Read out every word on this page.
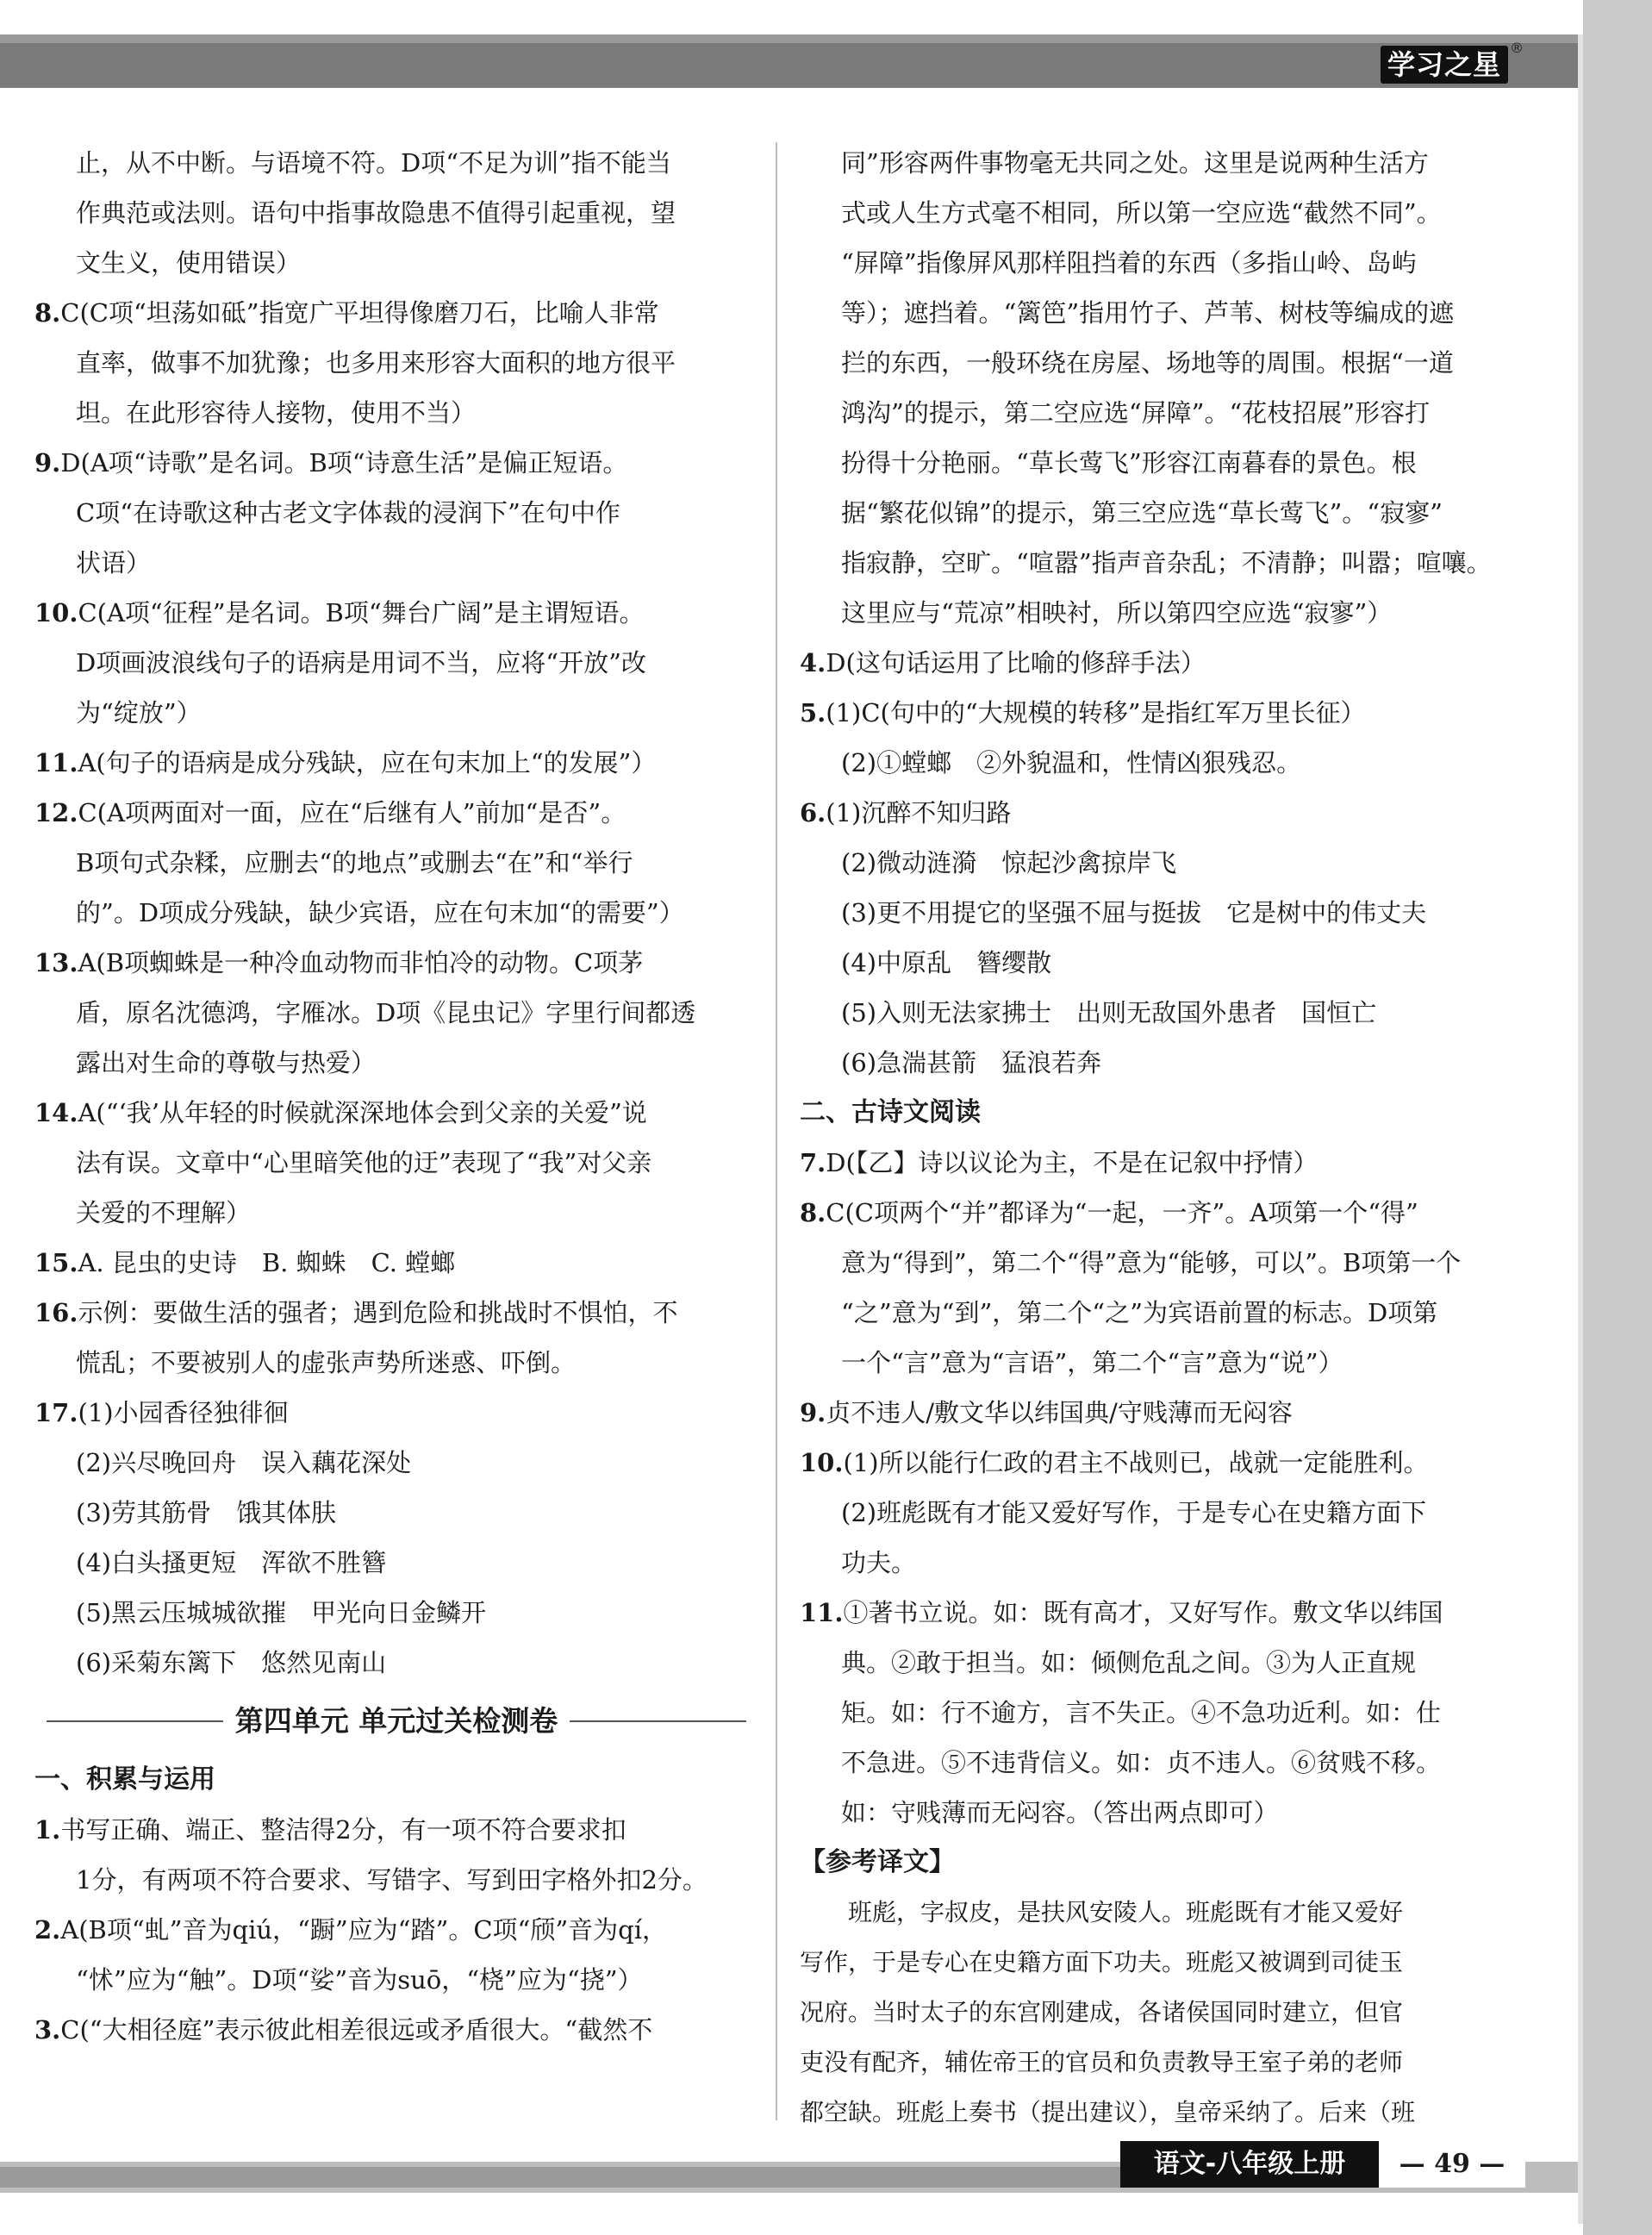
学习之星
®
止，从不中断。与语境不符。D项“不足为训”指不能当
作典范或法则。语句中指事故隐患不值得引起重视，望
文生义，使用错误）
8.C(C项“坦荡如砥”指宽广平坦得像磨刀石，比喻人非常
直率，做事不加犹豫；也多用来形容大面积的地方很平
坦。在此形容待人接物，使用不当）
9.D(A项“诗歌”是名词。B项“诗意生活”是偏正短语。
C项“在诗歌这种古老文字体裁的浸润下”在句中作
状语）
10.C(A项“征程”是名词。B项“舞台广阔”是主谓短语。
D项画波浪线句子的语病是用词不当，应将“开放”改
为“绽放”）
11.A(句子的语病是成分残缺，应在句末加上“的发展”）
12.C(A项两面对一面，应在“后继有人”前加“是否”。
B项句式杂糅，应删去“的地点”或删去“在”和“举行
的”。D项成分残缺，缺少宾语，应在句末加“的需要”）
13.A(B项蜘蛛是一种冷血动物而非怕冷的动物。C项茅
盾，原名沈德鸿，字雁冰。D项《昆虫记》字里行间都透
露出对生命的尊敬与热爱）
14.A(“‘我’从年轻的时候就深深地体会到父亲的关爱”说
法有误。文章中“心里暗笑他的迂”表现了“我”对父亲
关爱的不理解）
15.A. 昆虫的史诗　B. 蜘蛛　C. 螳螂
16.示例：要做生活的强者；遇到危险和挑战时不惧怕，不
慌乱；不要被别人的虚张声势所迷惑、吓倒。
17.(1)小园香径独徘徊
(2)兴尽晚回舟　误入藕花深处
(3)劳其筋骨　饿其体肤
(4)白头搔更短　浑欲不胜簪
(5)黑云压城城欲摧　甲光向日金鳞开
(6)采菊东篱下　悠然见南山
第四单元 单元过关检测卷
一、积累与运用
1.书写正确、端正、整洁得2分，有一项不符合要求扣
1分，有两项不符合要求、写错字、写到田字格外扣2分。
2.A(B项“虬”音为qiú，“蹰”应为“踏”。C项“颀”音为qí，
“怵”应为“触”。D项“娑”音为suō，“桡”应为“挠”）
3.C(“大相径庭”表示彼此相差很远或矛盾很大。“截然不
同”形容两件事物毫无共同之处。这里是说两种生活方
式或人生方式毫不相同，所以第一空应选“截然不同”。
“屏障”指像屏风那样阻挡着的东西（多指山岭、岛屿
等）；遮挡着。“篱笆”指用竹子、芦苇、树枝等编成的遮
拦的东西，一般环绕在房屋、场地等的周围。根据“一道
鸿沟”的提示，第二空应选“屏障”。“花枝招展”形容打
扮得十分艳丽。“草长莺飞”形容江南暮春的景色。根
据“繁花似锦”的提示，第三空应选“草长莺飞”。“寂寥”
指寂静，空旷。“喧嚣”指声音杂乱；不清静；叫嚣；喧嚷。
这里应与“荒凉”相映衬，所以第四空应选“寂寥”）
4.D(这句话运用了比喻的修辞手法）
5.(1)C(句中的“大规模的转移”是指红军万里长征）
(2)①螳螂　②外貌温和，性情凶狠残忍。
6.(1)沉醉不知归路
(2)微动涟漪　惊起沙禽掠岸飞
(3)更不用提它的坚强不屈与挺拔　它是树中的伟丈夫
(4)中原乱　簪缨散
(5)入则无法家拂士　出则无敌国外患者　国恒亡
(6)急湍甚箭　猛浪若奔
二、古诗文阅读
7.D(【乙】诗以议论为主，不是在记叙中抒情）
8.C(C项两个“并”都译为“一起，一齐”。A项第一个“得”
意为“得到”，第二个“得”意为“能够，可以”。B项第一个
“之”意为“到”，第二个“之”为宾语前置的标志。D项第
一个“言”意为“言语”，第二个“言”意为“说”）
9.贞不违人/敷文华以纬国典/守贱薄而无闷容
10.(1)所以能行仁政的君主不战则已，战就一定能胜利。
(2)班彪既有才能又爱好写作，于是专心在史籍方面下
功夫。
11.①著书立说。如：既有高才，又好写作。敷文华以纬国
典。②敢于担当。如：倾侧危乱之间。③为人正直规
矩。如：行不逾方，言不失正。④不急功近利。如：仕
不急进。⑤不违背信义。如：贞不违人。⑥贫贱不移。
如：守贱薄而无闷容。（答出两点即可）
【参考译文】
　　班彪，字叔皮，是扶风安陵人。班彪既有才能又爱好
写作，于是专心在史籍方面下功夫。班彪又被调到司徒玉
况府。当时太子的东宫刚建成，各诸侯国同时建立，但官
吏没有配齐，辅佐帝王的官员和负责教导王室子弟的老师
都空缺。班彪上奏书（提出建议），皇帝采纳了。后来（班
语文-八年级上册	— 49 —
